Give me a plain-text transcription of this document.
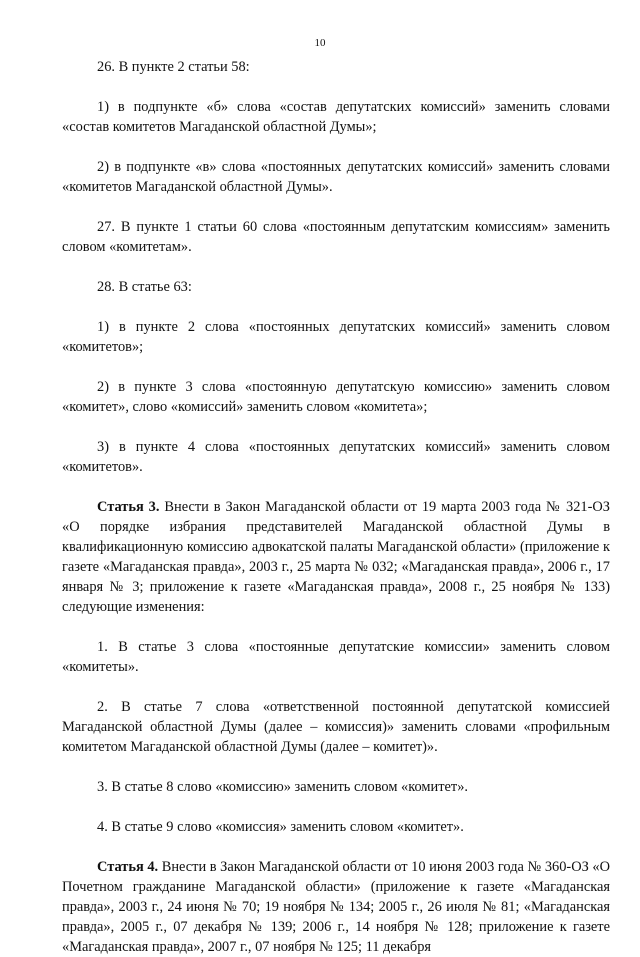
10

26. В пункте 2 статьи 58:

1) в подпункте «б» слова «состав депутатских комиссий» заменить словами «состав комитетов Магаданской областной Думы»;

2) в подпункте «в» слова «постоянных депутатских комиссий» заменить словами «комитетов Магаданской областной Думы».

27. В пункте 1 статьи 60 слова «постоянным депутатским комиссиям» заменить словом «комитетам».

28. В статье 63:

1) в пункте 2 слова «постоянных депутатских комиссий» заменить словом «комитетов»;

2) в пункте 3 слова «постоянную депутатскую комиссию» заменить словом «комитет», слово «комиссий» заменить словом «комитета»;

3) в пункте 4 слова «постоянных депутатских комиссий» заменить словом «комитетов».

Статья 3. Внести в Закон Магаданской области от 19 марта 2003 года № 321-ОЗ «О порядке избрания представителей Магаданской областной Думы в квалификационную комиссию адвокатской палаты Магаданской области» (приложение к газете «Магаданская правда», 2003 г., 25 марта № 032; «Магаданская правда», 2006 г., 17 января № 3; приложение к газете «Магаданская правда», 2008 г., 25 ноября № 133) следующие изменения:

1. В статье 3 слова «постоянные депутатские комиссии» заменить словом «комитеты».

2. В статье 7 слова «ответственной постоянной депутатской комиссией Магаданской областной Думы (далее – комиссия)» заменить словами «профильным комитетом Магаданской областной Думы (далее – комитет)».

3. В статье 8 слово «комиссию» заменить словом «комитет».

4. В статье 9 слово «комиссия» заменить словом «комитет».

Статья 4. Внести в Закон Магаданской области от 10 июня 2003 года № 360-ОЗ «О Почетном гражданине Магаданской области» (приложение к газете «Магаданская правда», 2003 г., 24 июня № 70; 19 ноября № 134; 2005 г., 26 июля № 81; «Магаданская правда», 2005 г., 07 декабря № 139; 2006 г., 14 ноября № 128; приложение к газете «Магаданская правда», 2007 г., 07 ноября № 125; 11 декабря
